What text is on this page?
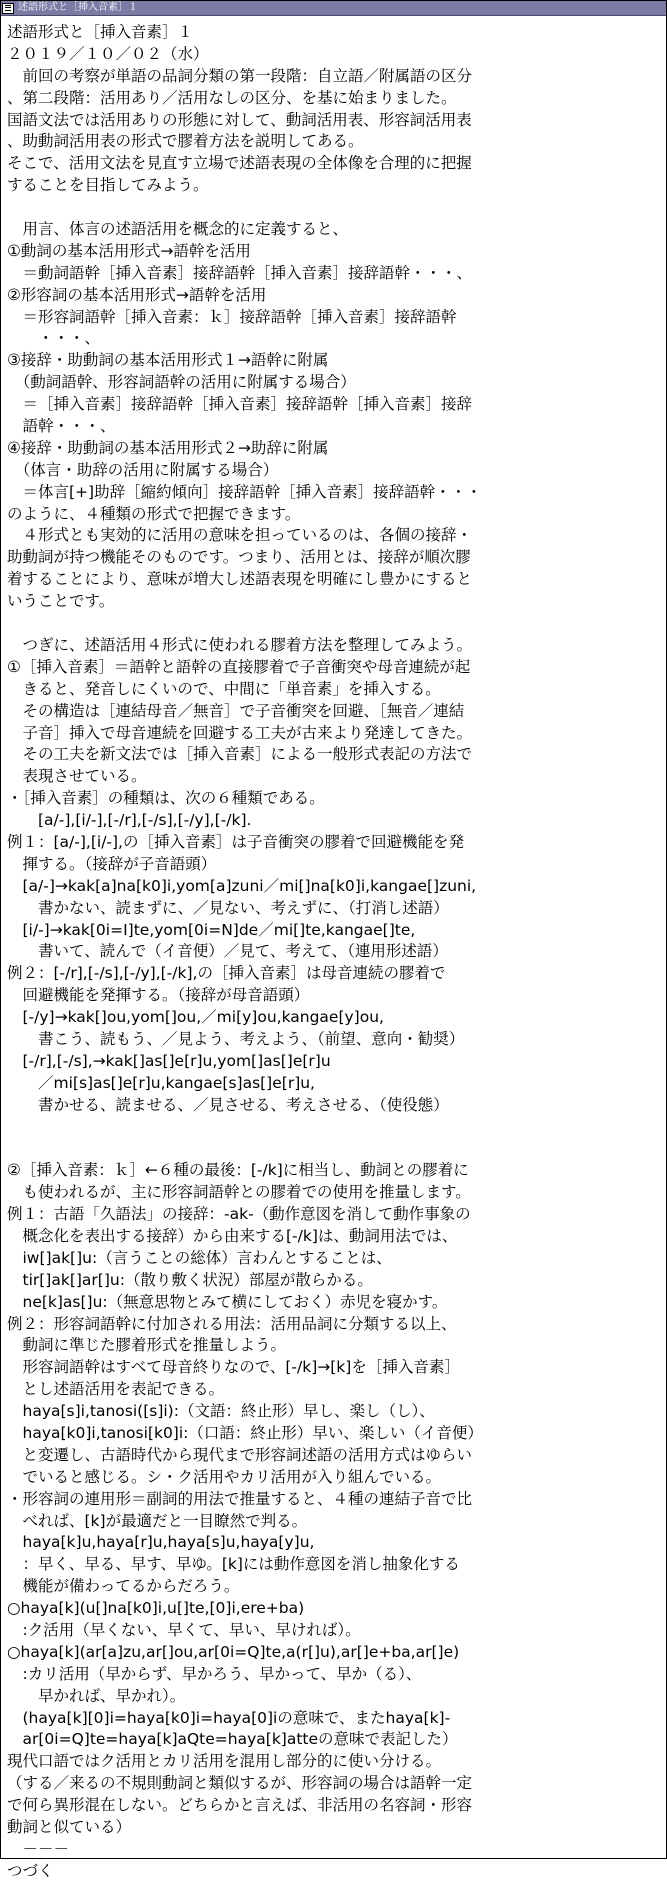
述語形式と［挿入音素］１
述語形式と［挿入音素］１
２０１９／１０／０２（水）
　前回の考察が単語の品詞分類の第一段階：自立語／附属語の区分
、第二段階：活用あり／活用なしの区分、を基に始まりました。
国語文法では活用ありの形態に対して、動詞活用表、形容詞活用表
、助動詞活用表の形式で膠着方法を説明してある。
そこで、活用文法を見直す立場で述語表現の全体像を合理的に把握
することを目指してみよう。
　用言、体言の述語活用を概念的に定義すると、
①動詞の基本活用形式→語幹を活用
　＝動詞語幹［挿入音素］接辞語幹［挿入音素］接辞語幹・・・、
②形容詞の基本活用形式→語幹を活用
　＝形容詞語幹［挿入音素：ｋ］接辞語幹［挿入音素］接辞語幹
　　・・・、
③接辞・助動詞の基本活用形式１→語幹に附属
　（動詞語幹、形容詞語幹の活用に附属する場合）
　＝［挿入音素］接辞語幹［挿入音素］接辞語幹［挿入音素］接辞
　語幹・・・、
④接辞・助動詞の基本活用形式２→助辞に附属
　（体言・助辞の活用に附属する場合）
　＝体言[+]助辞［縮約傾向］接辞語幹［挿入音素］接辞語幹・・・
のように、４種類の形式で把握できます。
　４形式とも実効的に活用の意味を担っているのは、各個の接辞・
助動詞が持つ機能そのものです。つまり、活用とは、接辞が順次膠
着することにより、意味が増大し述語表現を明確にし豊かにすると
いうことです。
　つぎに、述語活用４形式に使われる膠着方法を整理してみよう。
①［挿入音素］＝語幹と語幹の直接膠着で子音衝突や母音連続が起
　きると、発音しにくいので、中間に「単音素」を挿入する。
　その構造は［連結母音／無音］で子音衝突を回避、［無音／連結
　子音］挿入で母音連続を回避する工夫が古来より発達してきた。
　その工夫を新文法では［挿入音素］による一般形式表記の方法で
　表現させている。
・［挿入音素］の種類は、次の６種類である。
　　[a/-],[i/-],[-/r],[-/s],[-/y],[-/k].
例１：[a/-],[i/-],の［挿入音素］は子音衝突の膠着で回避機能を発
　揮する。（接辞が子音語頭）
　[a/-]→kak[a]na[k0]i,yom[a]zuni／mi[]na[k0]i,kangae[]zuni,
　　書かない、読まずに、／見ない、考えずに、（打消し述語）
　[i/-]→kak[0i=I]te,yom[0i=N]de／mi[]te,kangae[]te,
　　書いて、読んで（イ音便）／見て、考えて、（連用形述語）
例２：[-/r],[-/s],[-/y],[-/k],の［挿入音素］は母音連続の膠着で
　回避機能を発揮する。（接辞が母音語頭）
　[-/y]→kak[]ou,yom[]ou,／mi[y]ou,kangae[y]ou,
　　書こう、読もう、／見よう、考えよう、（前望、意向・勧奨）
　[-/r],[-/s],→kak[]as[]e[r]u,yom[]as[]e[r]u
　　／mi[s]as[]e[r]u,kangae[s]as[]e[r]u,
　　書かせる、読ませる、／見させる、考えさせる、（使役態）
②［挿入音素：ｋ］←６種の最後：[-/k]に相当し、動詞との膠着に
　も使われるが、主に形容詞語幹との膠着での使用を推量します。
例１：古語「久語法」の接辞：-ak-（動作意図を消して動作事象の
　概念化を表出する接辞）から由来する[-/k]は、動詞用法では、
　iw[]ak[]u:（言うことの総体）言わんとすることは、
　tir[]ak[]ar[]u:（散り敷く状況）部屋が散らかる。
　ne[k]as[]u:（無意思物とみて横にしておく）赤児を寝かす。
例２：形容詞語幹に付加される用法：活用品詞に分類する以上、
　動詞に準じた膠着形式を推量しよう。
　形容詞語幹はすべて母音終りなので、[-/k]→[k]を［挿入音素］
　とし述語活用を表記できる。
　haya[s]i,tanosi([s]i):（文語：終止形）早し、楽し（し）、
　haya[k0]i,tanosi[k0]i:（口語：終止形）早い、楽しい（イ音便）
　と変遷し、古語時代から現代まで形容詞述語の活用方式はゆらい
　でいると感じる。シ・ク活用やカリ活用が入り組んでいる。
・形容詞の連用形＝副詞的用法で推量すると、４種の連結子音で比
　べれば、[k]が最適だと一目瞭然で判る。
　haya[k]u,haya[r]u,haya[s]u,haya[y]u,
　：早く、早る、早す、早ゆ。[k]には動作意図を消し抽象化する
　機能が備わってるからだろう。
○haya[k](u[]na[k0]i,u[]te,[0]i,ere+ba)
　:ク活用（早くない、早くて、早い、早ければ）。
○haya[k](ar[a]zu,ar[]ou,ar[0i=Q]te,a(r[]u),ar[]e+ba,ar[]e)
　:カリ活用（早からず、早かろう、早かって、早か（る）、
　　早かれば、早かれ）。
　(haya[k][0]i=haya[k0]i=haya[0]iの意味で、またhaya[k]-
　ar[0i=Q]te=haya[k]aQte=haya[k]atteの意味で表記した）
現代口語ではク活用とカリ活用を混用し部分的に使い分ける。
（する／来るの不規則動詞と類似するが、形容詞の場合は語幹一定
で何ら異形混在しない。どちらかと言えば、非活用の名容詞・形容
動詞と似ている）
　－－－
つづく
